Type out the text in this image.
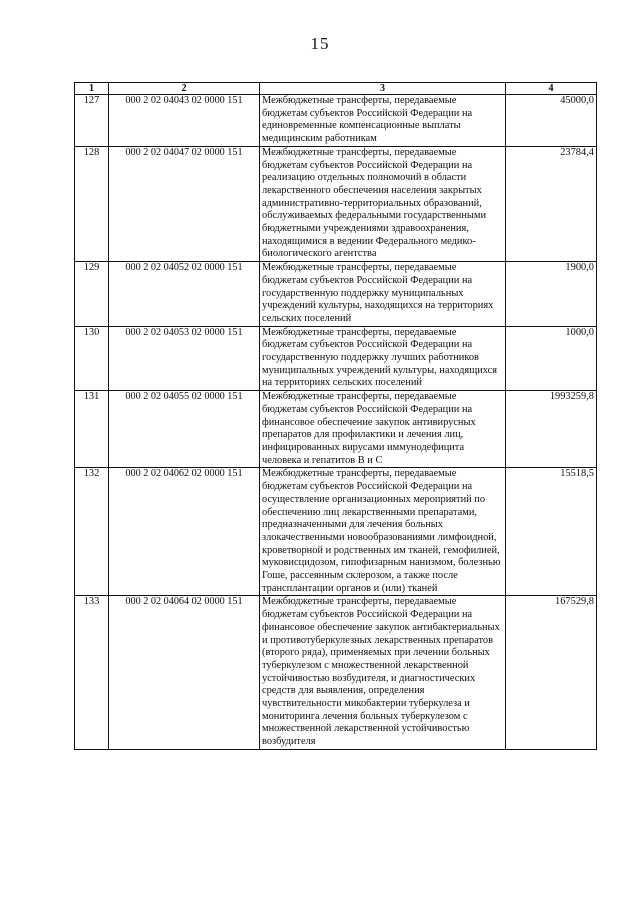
15
1	2	3	4
127	000 2 02 04043 02 0000 151	Межбюджетные трансферты, передаваемые бюджетам субъектов Российской Федерации на единовременные компенсационные выплаты медицинским работникам	45000,0
128	000 2 02 04047 02 0000 151	Межбюджетные трансферты, передаваемые бюджетам субъектов Российской Федерации на реализацию отдельных полномочий в области лекарственного обеспечения населения закрытых административно-территориальных образований, обслуживаемых федеральными государственными бюджетными учреждениями здравоохранения, находящимися в ведении Федерального медико-биологического агентства	23784,4
129	000 2 02 04052 02 0000 151	Межбюджетные трансферты, передаваемые бюджетам субъектов Российской Федерации на государственную поддержку муниципальных учреждений культуры, находящихся на территориях сельских поселений	1900,0
130	000 2 02 04053 02 0000 151	Межбюджетные трансферты, передаваемые бюджетам субъектов Российской Федерации на государственную поддержку лучших работников муниципальных учреждений культуры, находящихся на территориях сельских поселений	1000,0
131	000 2 02 04055 02 0000 151	Межбюджетные трансферты, передаваемые бюджетам субъектов Российской Федерации на финансовое обеспечение закупок антивирусных препаратов для профилактики и лечения лиц, инфицированных вирусами иммунодефицита человека и гепатитов В и С	1993259,8
132	000 2 02 04062 02 0000 151	Межбюджетные трансферты, передаваемые бюджетам субъектов Российской Федерации на осуществление организационных мероприятий по обеспечению лиц лекарственными препаратами, предназначенными для лечения больных злокачественными новообразованиями лимфоидной, кроветворной и родственных им тканей, гемофилией, муковисцидозом, гипофизарным нанизмом, болезнью Гоше, рассеянным склерозом, а также после трансплантации органов и (или) тканей	15518,5
133	000 2 02 04064 02 0000 151	Межбюджетные трансферты, передаваемые бюджетам субъектов Российской Федерации на финансовое обеспечение закупок антибактериальных и противотуберкулезных лекарственных препаратов (второго ряда), применяемых при лечении больных туберкулезом с множественной лекарственной устойчивостью возбудителя, и диагностических средств для выявления, определения чувствительности микобактерии туберкулеза и мониторинга лечения больных туберкулезом с множественной лекарственной устойчивостью возбудителя	167529,8
